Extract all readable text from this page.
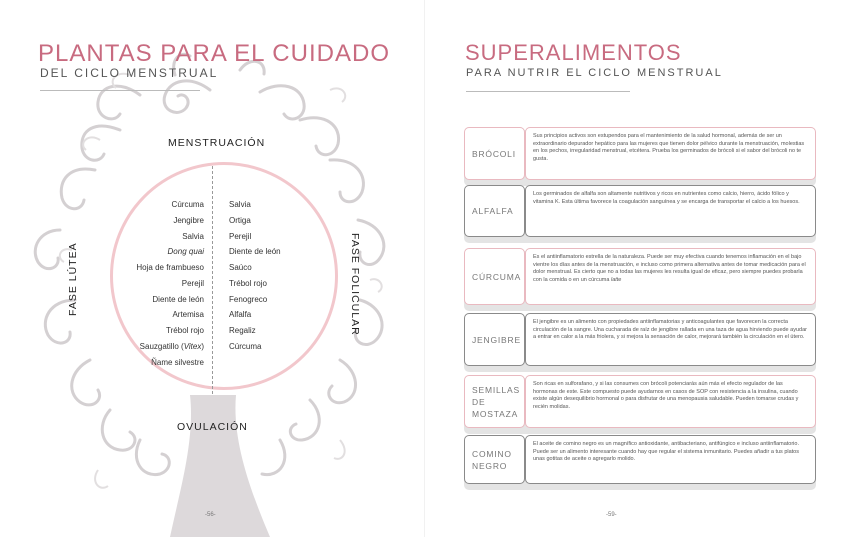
PLANTAS PARA EL CUIDADO
DEL CICLO MENSTRUAL
MENSTRUACIÓN
OVULACIÓN
FASE LÚTEA	FASE FOLICULAR
Cúrcuma
Jengibre
Salvia
Dong quai
Hoja de frambueso
Perejil
Diente de león
Artemisa
Trébol rojo
Sauzgatillo (Vitex)
Ñame silvestre
Salvia
Ortiga
Perejil
Diente de león
Saúco
Trébol rojo
Fenogreco
Alfalfa
Regaliz
Cúrcuma
-56-
SUPERALIMENTOS
PARA NUTRIR EL CICLO MENSTRUAL
BRÓCOLI

Sus principios activos son estupendos para el mantenimiento de la salud hormonal, además de ser un extraordinario depurador hepático para las mujeres que tienen dolor pélvico durante la menstruación, molestias en los pechos, irregularidad menstrual, etcétera. Prueba los germinados de brócoli si el sabor del brócoli no te gusta.

ALFALFA

Los germinados de alfalfa son altamente nutritivos y ricos en nutrientes como calcio, hierro, ácido fólico y vitamina K. Esta última favorece la coagulación sanguínea y se encarga de transportar el calcio a los huesos.

CÚRCUMA

Es el antiinflamatorio estrella de la naturaleza. Puede ser muy efectiva cuando tenemos inflamación en el bajo vientre los días antes de la menstruación, e incluso como primera alternativa antes de tomar medicación para el dolor menstrual. Es cierto que no a todas las mujeres les resulta igual de eficaz, pero siempre puedes probarla con la comida o en un cúrcuma latte

JENGIBRE

El jengibre es un alimento con propiedades antiinflamatorias y anticoagulantes que favorecen la correcta circulación de la sangre. Una cucharada de raíz de jengibre rallada en una taza de agua hirviendo puede ayudar a entrar en calor a la más friolera, y si mejora la sensación de calor, mejorará también la circulación en el útero.

SEMILLAS DE MOSTAZA

Son ricas en sulforafano, y si las consumes con brócoli potenciarás aún más el efecto regulador de las hormonas de este. Este compuesto puede ayudarnos en casos de SOP con resistencia a la insulina, cuando existe algún desequilibrio hormonal o para disfrutar de una menopausia saludable. Pueden tomarse crudas y recién molidas.

COMINO NEGRO

El aceite de comino negro es un magnífico antioxidante, antibacteriano, antifúngico e incluso antiinflamatorio. Puede ser un alimento interesante cuando hay que regular el sistema inmunitario. Puedes añadir a tus platos unas gotitas de aceite o agregarlo molido.

-59-
